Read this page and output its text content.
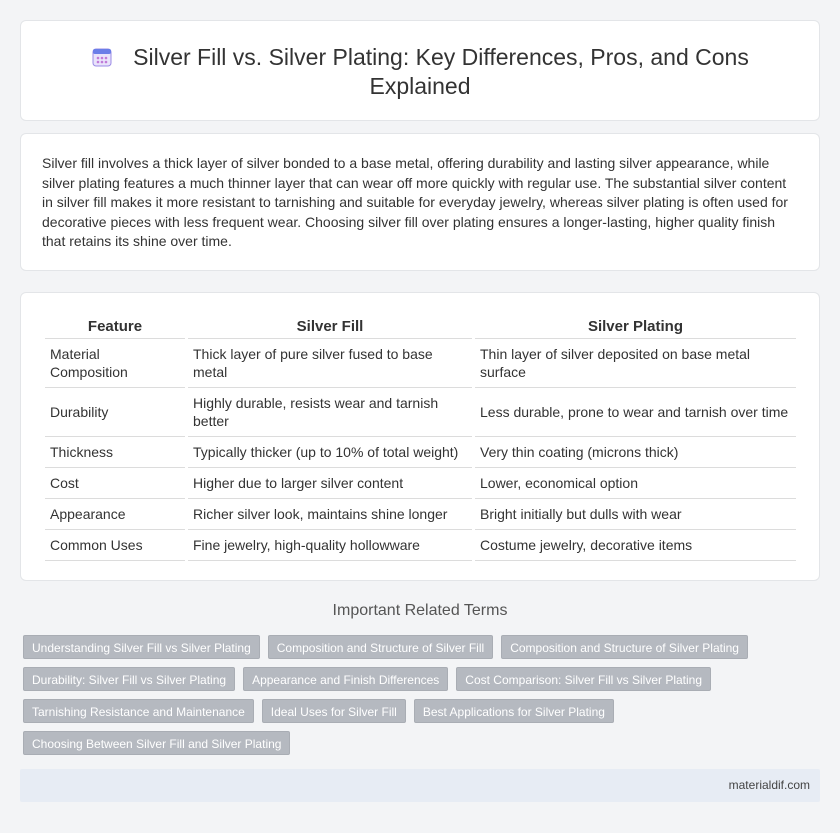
Silver Fill vs. Silver Plating: Key Differences, Pros, and Cons
Explained

Silver fill involves a thick layer of silver bonded to a base metal, offering durability and lasting silver appearance, while silver plating features a much thinner layer that can wear off more quickly with regular use. The substantial silver content in silver fill makes it more resistant to tarnishing and suitable for everyday jewelry, whereas silver plating is often used for decorative pieces with less frequent wear. Choosing silver fill over plating ensures a longer-lasting, higher quality finish that retains its shine over time.

Feature	Silver Fill	Silver Plating
Material Composition	Thick layer of pure silver fused to base metal	Thin layer of silver deposited on base metal surface
Durability	Highly durable, resists wear and tarnish better	Less durable, prone to wear and tarnish over time
Thickness	Typically thicker (up to 10% of total weight)	Very thin coating (microns thick)
Cost	Higher due to larger silver content	Lower, economical option
Appearance	Richer silver look, maintains shine longer	Bright initially but dulls with wear
Common Uses	Fine jewelry, high-quality hollowware	Costume jewelry, decorative items
Important Related Terms
Understanding Silver Fill vs Silver Plating	Composition and Structure of Silver Fill	Composition and Structure of Silver Plating
Durability: Silver Fill vs Silver Plating	Appearance and Finish Differences	Cost Comparison: Silver Fill vs Silver Plating
Tarnishing Resistance and Maintenance	Ideal Uses for Silver Fill	Best Applications for Silver Plating
Choosing Between Silver Fill and Silver Plating
materialdif.com
